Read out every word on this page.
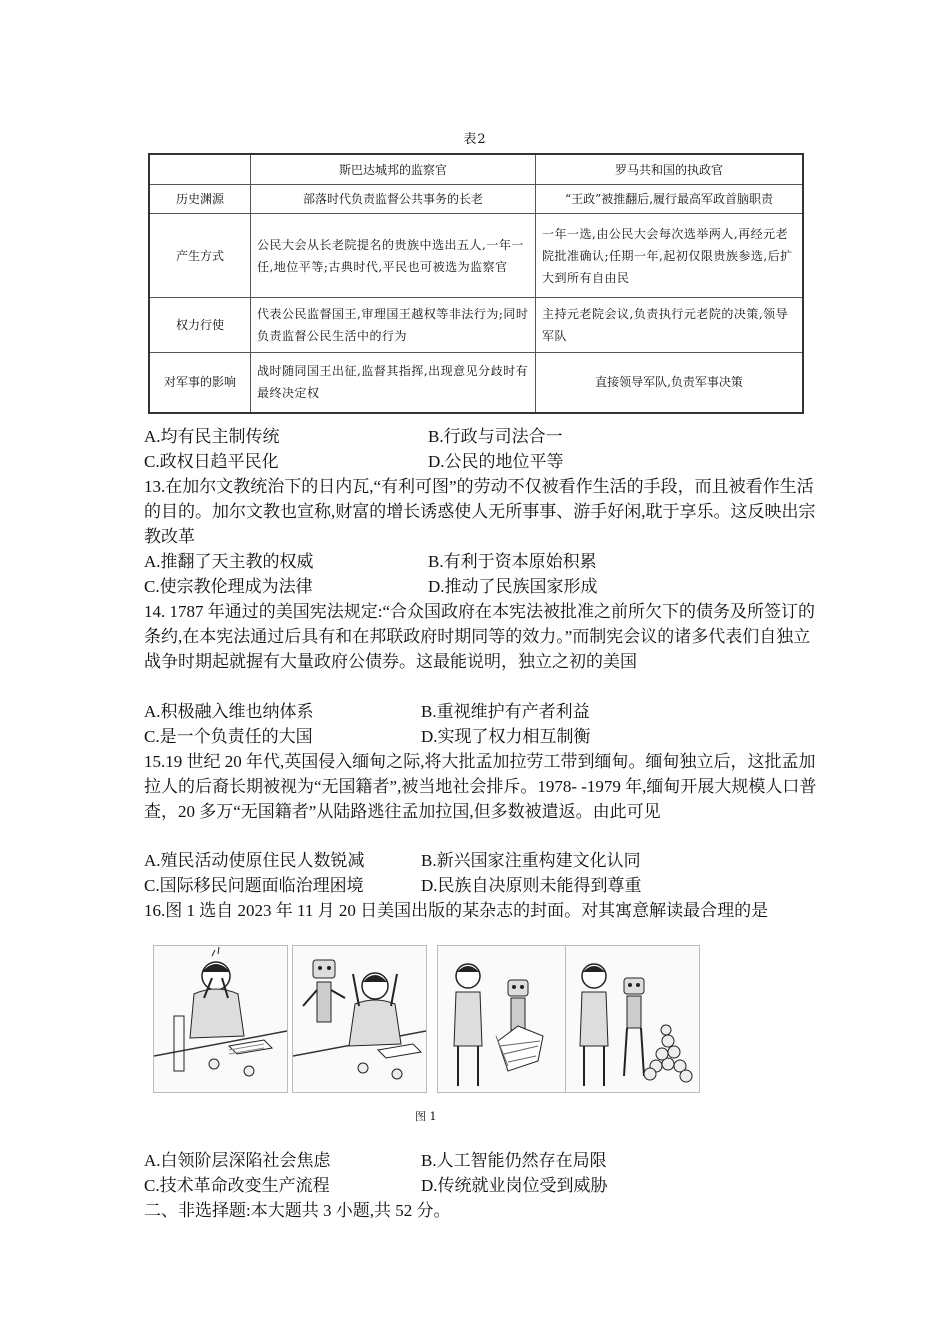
表2
	斯巴达城邦的监察官	罗马共和国的执政官
历史渊源	部落时代负责监督公共事务的长老	“王政”被推翻后,履行最高军政首脑职责
产生方式	公民大会从长老院提名的贵族中选出五人,一年一任,地位平等;古典时代,平民也可被选为监察官	一年一选,由公民大会每次选举两人,再经元老院批准确认;任期一年,起初仅限贵族参选,后扩大到所有自由民
权力行使	代表公民监督国王,审理国王越权等非法行为;同时负责监督公民生活中的行为	主持元老院会议,负责执行元老院的决策,领导军队
对军事的影响	战时随同国王出征,监督其指挥,出现意见分歧时有最终决定权	直接领导军队,负责军事决策
A.均有民主制传统	B.行政与司法合一
C.政权日趋平民化	D.公民的地位平等
13.在加尔文教统治下的日内瓦,“有利可图”的劳动不仅被看作生活的手段，而且被看作生活的目的。加尔文教也宣称,财富的增长诱惑使人无所事事、游手好闲,耽于享乐。这反映出宗教改革
A.推翻了天主教的权威	B.有利于资本原始积累
C.使宗教伦理成为法律	D.推动了民族国家形成
14. 1787 年通过的美国宪法规定:“合众国政府在本宪法被批准之前所欠下的债务及所签订的条约,在本宪法通过后具有和在邦联政府时期同等的效力。”而制宪会议的诸多代表们自独立战争时期起就握有大量政府公债券。这最能说明，独立之初的美国
A.积极融入维也纳体系	B.重视维护有产者利益
C.是一个负责任的大国	D.实现了权力相互制衡
15.19 世纪 20 年代,英国侵入缅甸之际,将大批孟加拉劳工带到缅甸。缅甸独立后，这批孟加拉人的后裔长期被视为“无国籍者”,被当地社会排斥。1978- -1979 年,缅甸开展大规模人口普查，20 多万“无国籍者”从陆路逃往孟加拉国,但多数被遣返。由此可见
A.殖民活动使原住民人数锐减	B.新兴国家注重构建文化认同
C.国际移民问题面临治理困境	D.民族自决原则未能得到尊重
16.图 1 选自 2023 年 11 月 20 日美国出版的某杂志的封面。对其寓意解读最合理的是
图 1
A.白领阶层深陷社会焦虑	B.人工智能仍然存在局限
C.技术革命改变生产流程	D.传统就业岗位受到威胁
二、非选择题:本大题共 3 小题,共 52 分。
